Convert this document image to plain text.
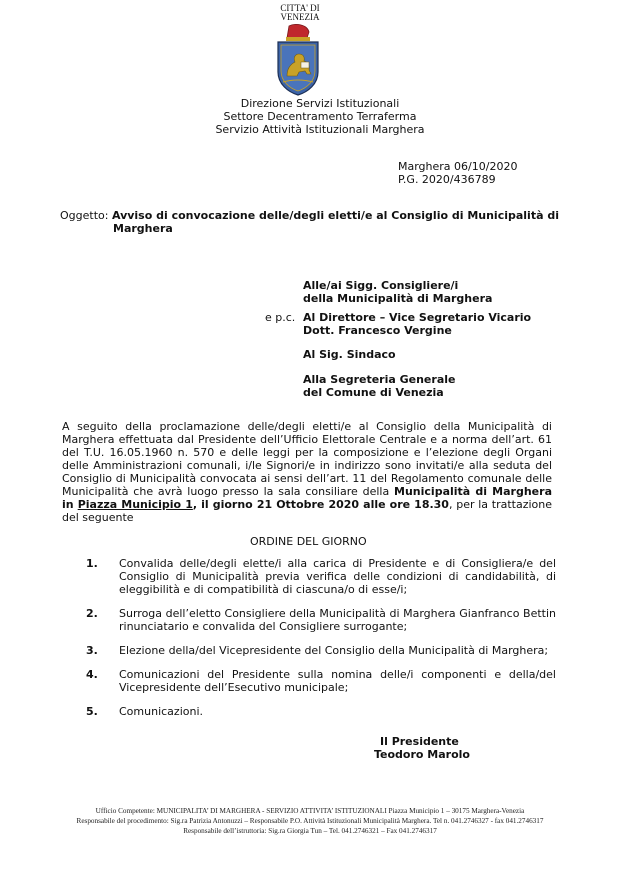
CITTA' DI
VENEZIA
Direzione Servizi Istituzionali
Settore Decentramento Terraferma
Servizio Attività Istituzionali Marghera
Marghera 06/10/2020
P.G. 2020/436789
Oggetto: Avviso di convocazione delle/degli eletti/e al Consiglio di Municipalità di
Marghera
Alle/ai Sigg. Consigliere/i
della Municipalità di Marghera
e p.c. Al Direttore – Vice Segretario Vicario
Dott. Francesco Vergine
Al Sig. Sindaco
Alla Segreteria Generale
del Comune di Venezia
A seguito della proclamazione delle/degli eletti/e al Consiglio della Municipalità di Marghera effettuata dal Presidente dell’Ufficio Elettorale Centrale e a norma dell’art. 61 del T.U. 16.05.1960 n. 570 e delle leggi per la composizione e l’elezione degli Organi delle Amministrazioni comunali, i/le Signori/e in indirizzo sono invitati/e alla seduta del Consiglio di Municipalità convocata ai sensi dell’art. 11 del Regolamento comunale delle Municipalità che avrà luogo presso la sala consiliare della Municipalità di Marghera in Piazza Municipio 1, il giorno 21 Ottobre 2020 alle ore 18.30, per la trattazione del seguente
ORDINE DEL GIORNO
1. Convalida delle/degli elette/i alla carica di Presidente e di Consigliera/e del Consiglio di Municipalità previa verifica delle condizioni di candidabilità, di eleggibilità e di compatibilità di ciascuna/o di esse/i;
2. Surroga dell’eletto Consigliere della Municipalità di Marghera Gianfranco Bettin rinunciatario e convalida del Consigliere surrogante;
3. Elezione della/del Vicepresidente del Consiglio della Municipalità di Marghera;
4. Comunicazioni del Presidente sulla nomina delle/i componenti e della/del Vicepresidente dell’Esecutivo municipale;
5. Comunicazioni.
Il Presidente
Teodoro Marolo
Ufficio Competente: MUNICIPALITA’ DI MARGHERA - SERVIZIO ATTIVITA’ ISTITUZIONALI Piazza Municipio 1 – 30175 Marghera-Venezia
Responsabile del procedimento: Sig.ra Patrizia Antonuzzi – Responsabile P.O. Attività Istituzionali Municipalità Marghera. Tel n. 041.2746327 - fax 041.2746317
Responsabile dell’istruttoria: Sig.ra Giorgia Tun – Tel. 041.2746321 – Fax 041.2746317
